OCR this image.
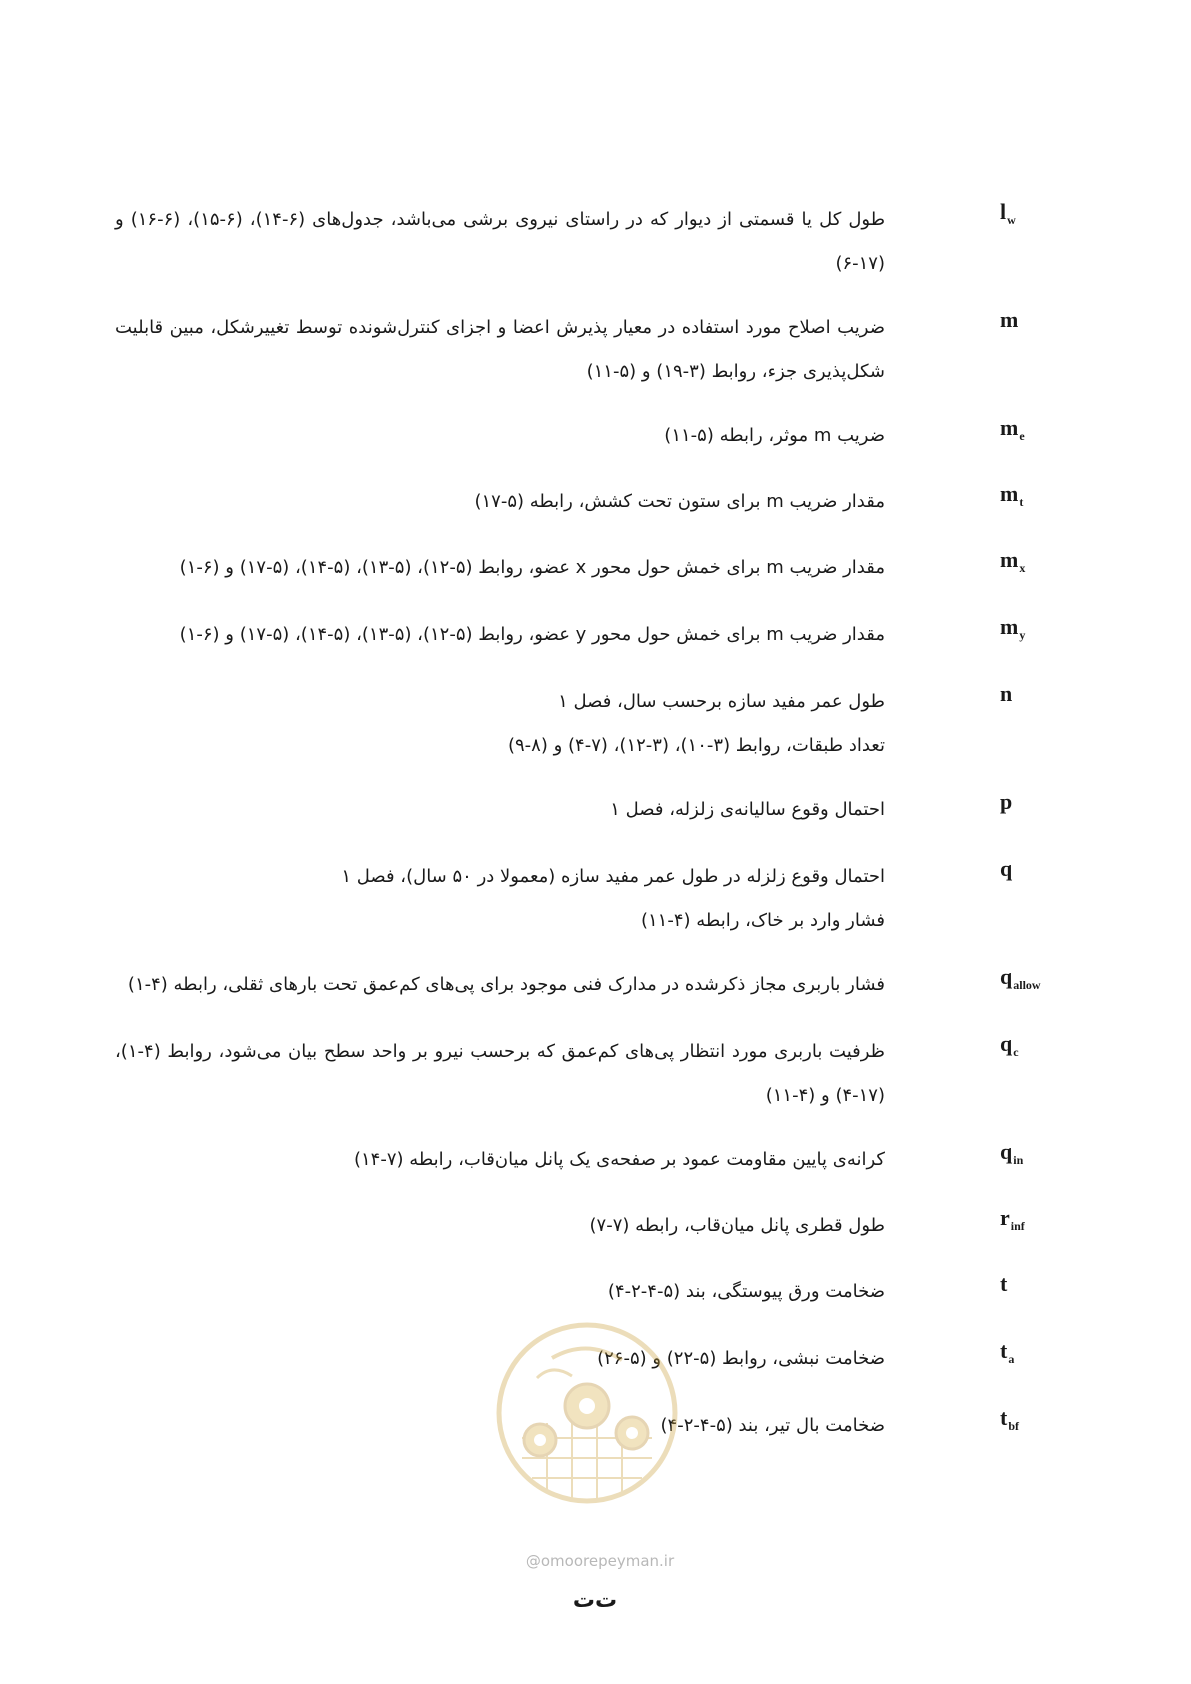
$l_w$
طول کل یا قسمتی از دیوار که در راستای نیروی برشی می‌باشد، جدول‌های (۶-۱۴)، (۶-۱۵)، (۶-۱۶) و
(۶-۱۷)
m
ضریب اصلاح مورد استفاده در معیار پذیرش اعضا و اجزای کنترل‌شونده توسط تغییرشکل، مبین قابلیت
شکل‌پذیری جزء، روابط (۳-۱۹) و (۵-۱۱)
$m_e$
ضریب m موثر، رابطه (۵-۱۱)
$m_t$
مقدار ضریب m برای ستون تحت کشش، رابطه (۵-۱۷)
$m_x$
مقدار ضریب m برای خمش حول محور x عضو، روابط (۵-۱۲)، (۵-۱۳)، (۵-۱۴)، (۵-۱۷) و (۶-۱)
$m_y$
مقدار ضریب m برای خمش حول محور y عضو، روابط (۵-۱۲)، (۵-۱۳)، (۵-۱۴)، (۵-۱۷) و (۶-۱)
n
طول عمر مفید سازه برحسب سال، فصل ۱
تعداد طبقات، روابط (۳-۱۰)، (۳-۱۲)، (۷-۴) و (۸-۹)
p
احتمال وقوع سالیانه‌ی زلزله، فصل ۱
q
احتمال وقوع زلزله در طول عمر مفید سازه (معمولا در ۵۰ سال)، فصل ۱
فشار وارد بر خاک، رابطه (۴-۱۱)
$q_{allow}$
فشار باربری مجاز ذکرشده در مدارک فنی موجود برای پی‌های کم‌عمق تحت بارهای ثقلی، رابطه (۴-۱)
$q_c$
ظرفیت باربری مورد انتظار پی‌های کم‌عمق که برحسب نیرو بر واحد سطح بیان می‌شود، روابط (۴-۱)،
(۴-۱۷) و (۴-۱۱)
$q_{in}$
کرانه‌ی پایین مقاومت عمود بر صفحه‌ی یک پانل میان‌قاب، رابطه (۷-۱۴)
$r_{inf}$
طول قطری پانل میان‌قاب، رابطه (۷-۷)
t
ضخامت ورق پیوستگی، بند (۵-۴-۲-۴)
$t_a$
ضخامت نبشی، روابط (۵-۲۲) و (۵-۲۶)
$t_{bf}$
ضخامت بال تیر، بند (۵-۴-۲-۴)
@omoorepeyman.ir
ت‌ت
